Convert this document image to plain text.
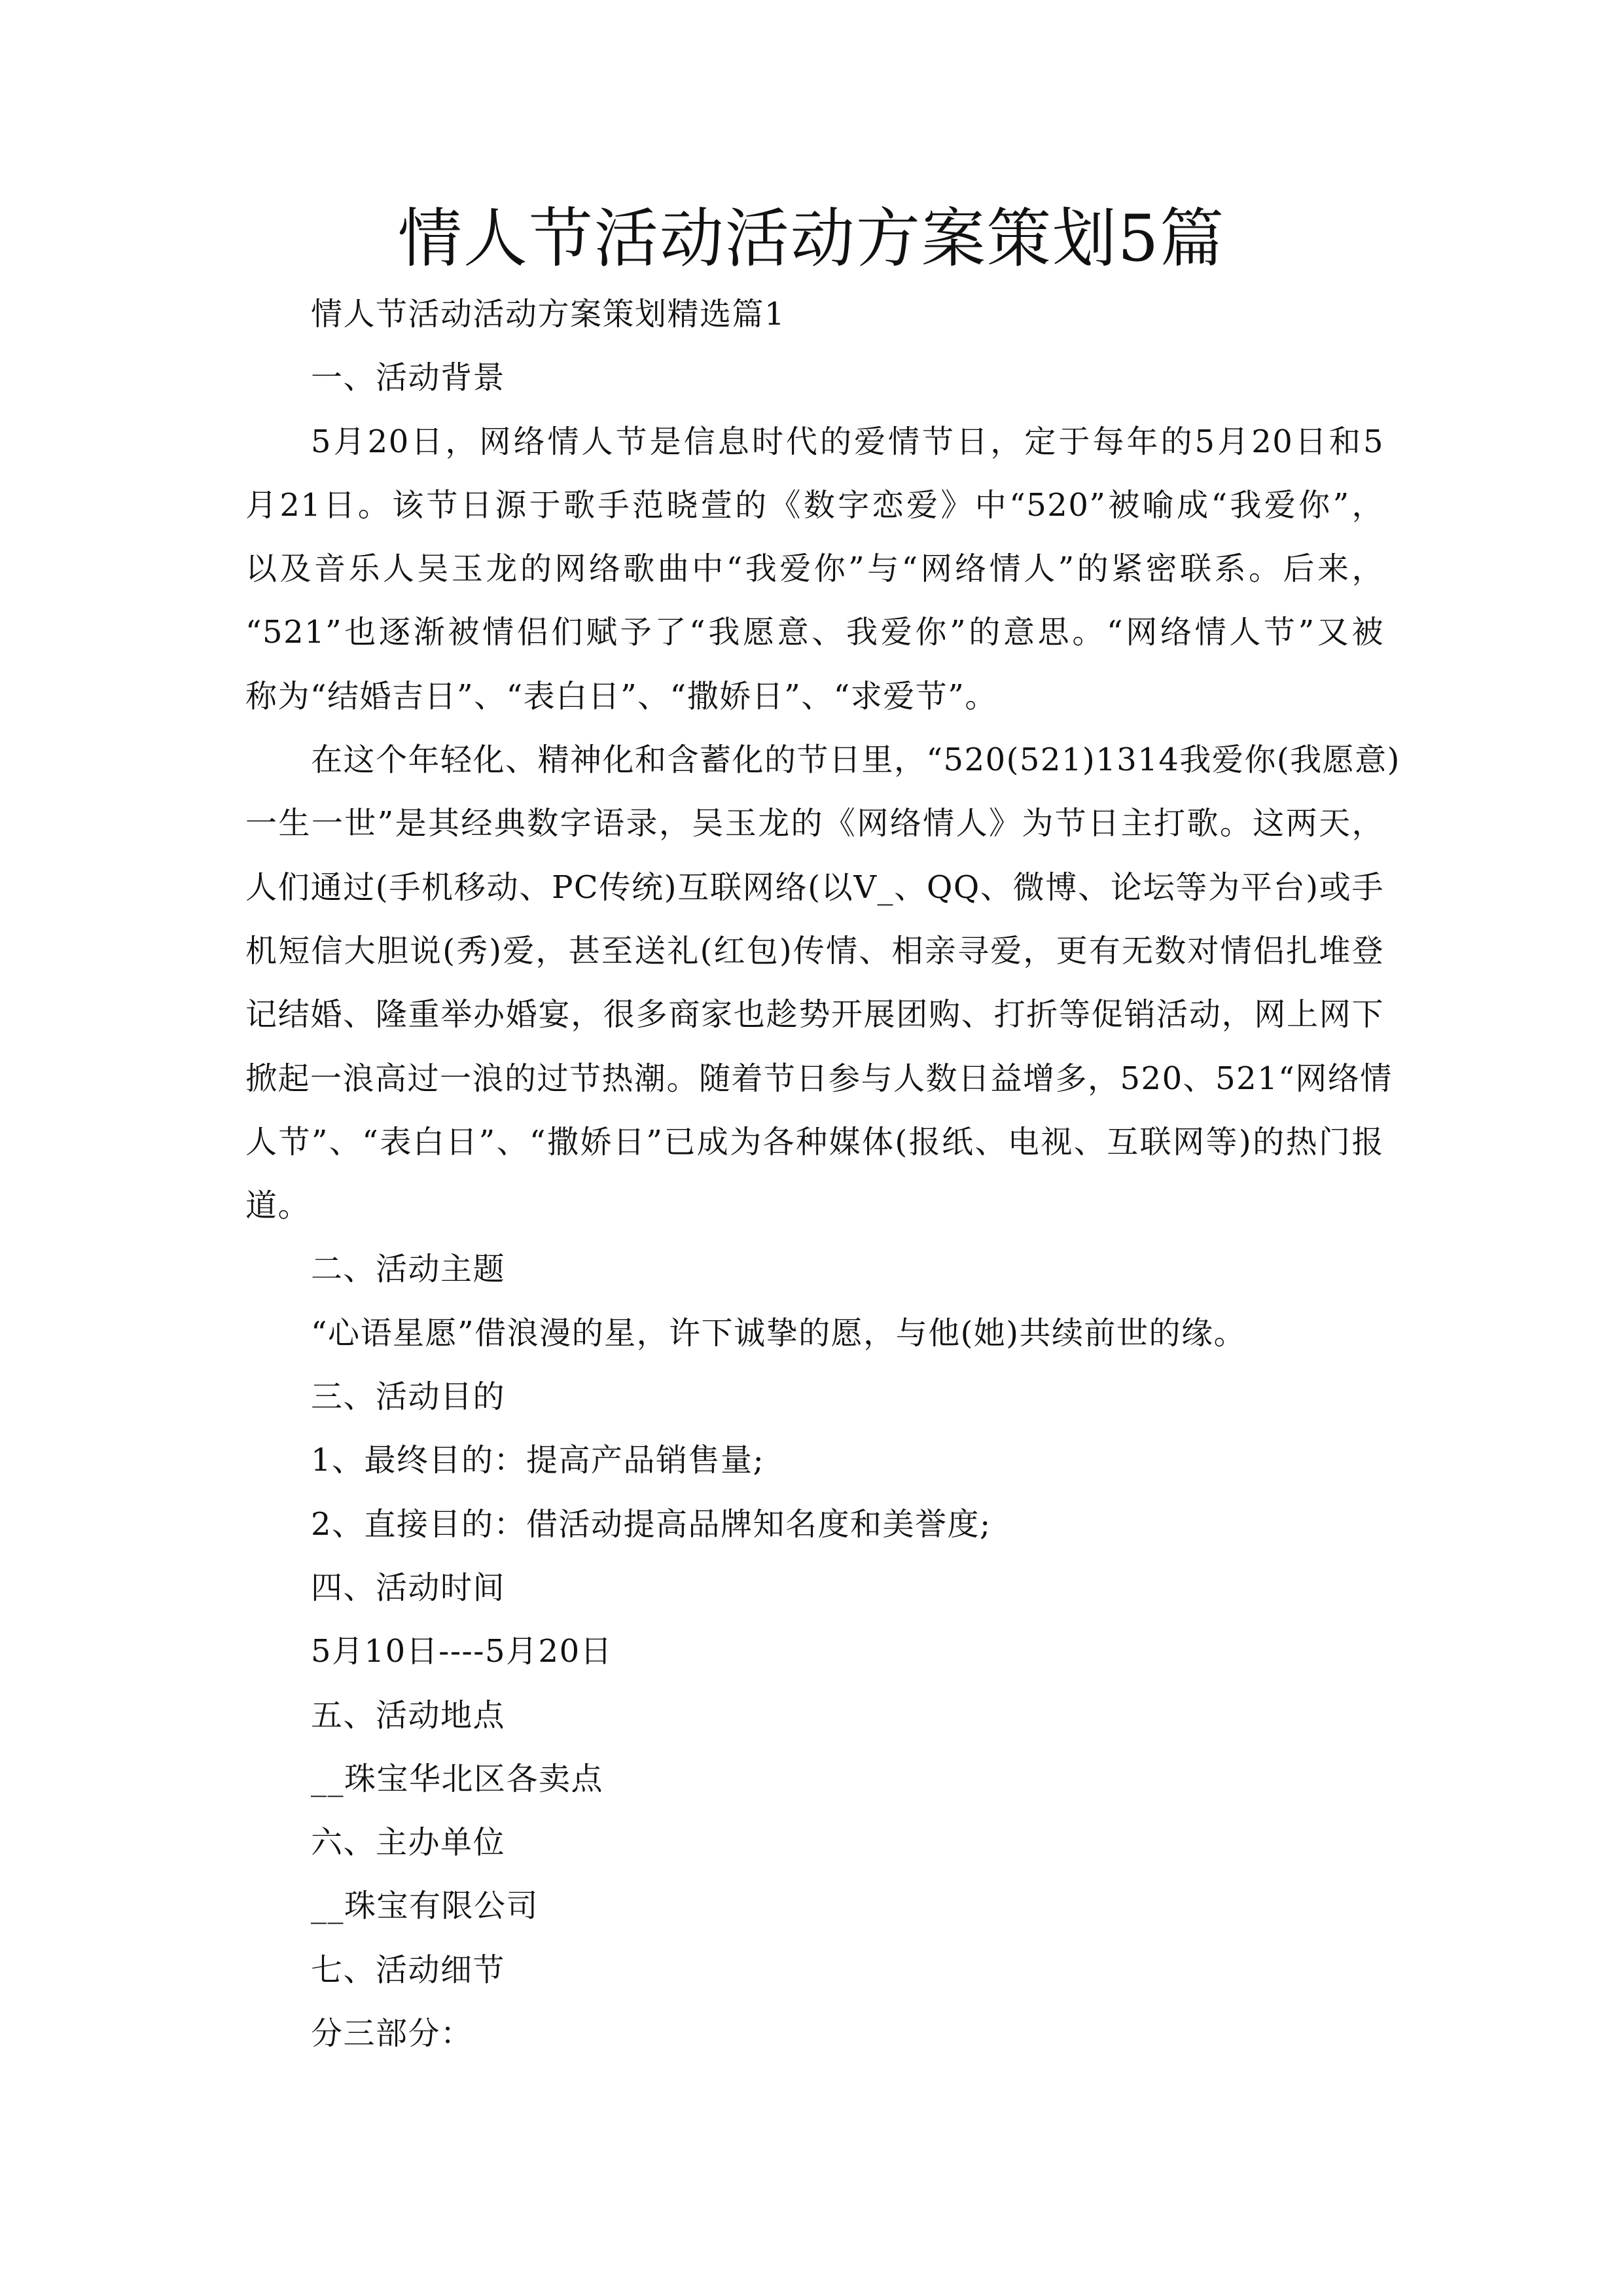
情人节活动活动方案策划5篇
情人节活动活动方案策划精选篇1
一、活动背景
5月20日，网络情人节是信息时代的爱情节日，定于每年的5月20日和5
月21日。该节日源于歌手范晓萱的《数字恋爱》中“520”被喻成“我爱你”，
以及音乐人吴玉龙的网络歌曲中“我爱你”与“网络情人”的紧密联系。后来，
“521”也逐渐被情侣们赋予了“我愿意、我爱你”的意思。“网络情人节”又被
称为“结婚吉日”、“表白日”、“撒娇日”、“求爱节”。
在这个年轻化、精神化和含蓄化的节日里，“520(521)1314我爱你(我愿意)
一生一世”是其经典数字语录，吴玉龙的《网络情人》为节日主打歌。这两天，
人们通过(手机移动、PC传统)互联网络(以V_、QQ、微博、论坛等为平台)或手
机短信大胆说(秀)爱，甚至送礼(红包)传情、相亲寻爱，更有无数对情侣扎堆登
记结婚、隆重举办婚宴，很多商家也趁势开展团购、打折等促销活动，网上网下
掀起一浪高过一浪的过节热潮。随着节日参与人数日益增多，520、521“网络情
人节”、“表白日”、“撒娇日”已成为各种媒体(报纸、电视、互联网等)的热门报
道。
二、活动主题
“心语星愿”借浪漫的星，许下诚挚的愿，与他(她)共续前世的缘。
三、活动目的
1、最终目的：提高产品销售量;
2、直接目的：借活动提高品牌知名度和美誉度;
四、活动时间
5月10日----5月20日
五、活动地点
__珠宝华北区各卖点
六、主办单位
__珠宝有限公司
七、活动细节
分三部分：
